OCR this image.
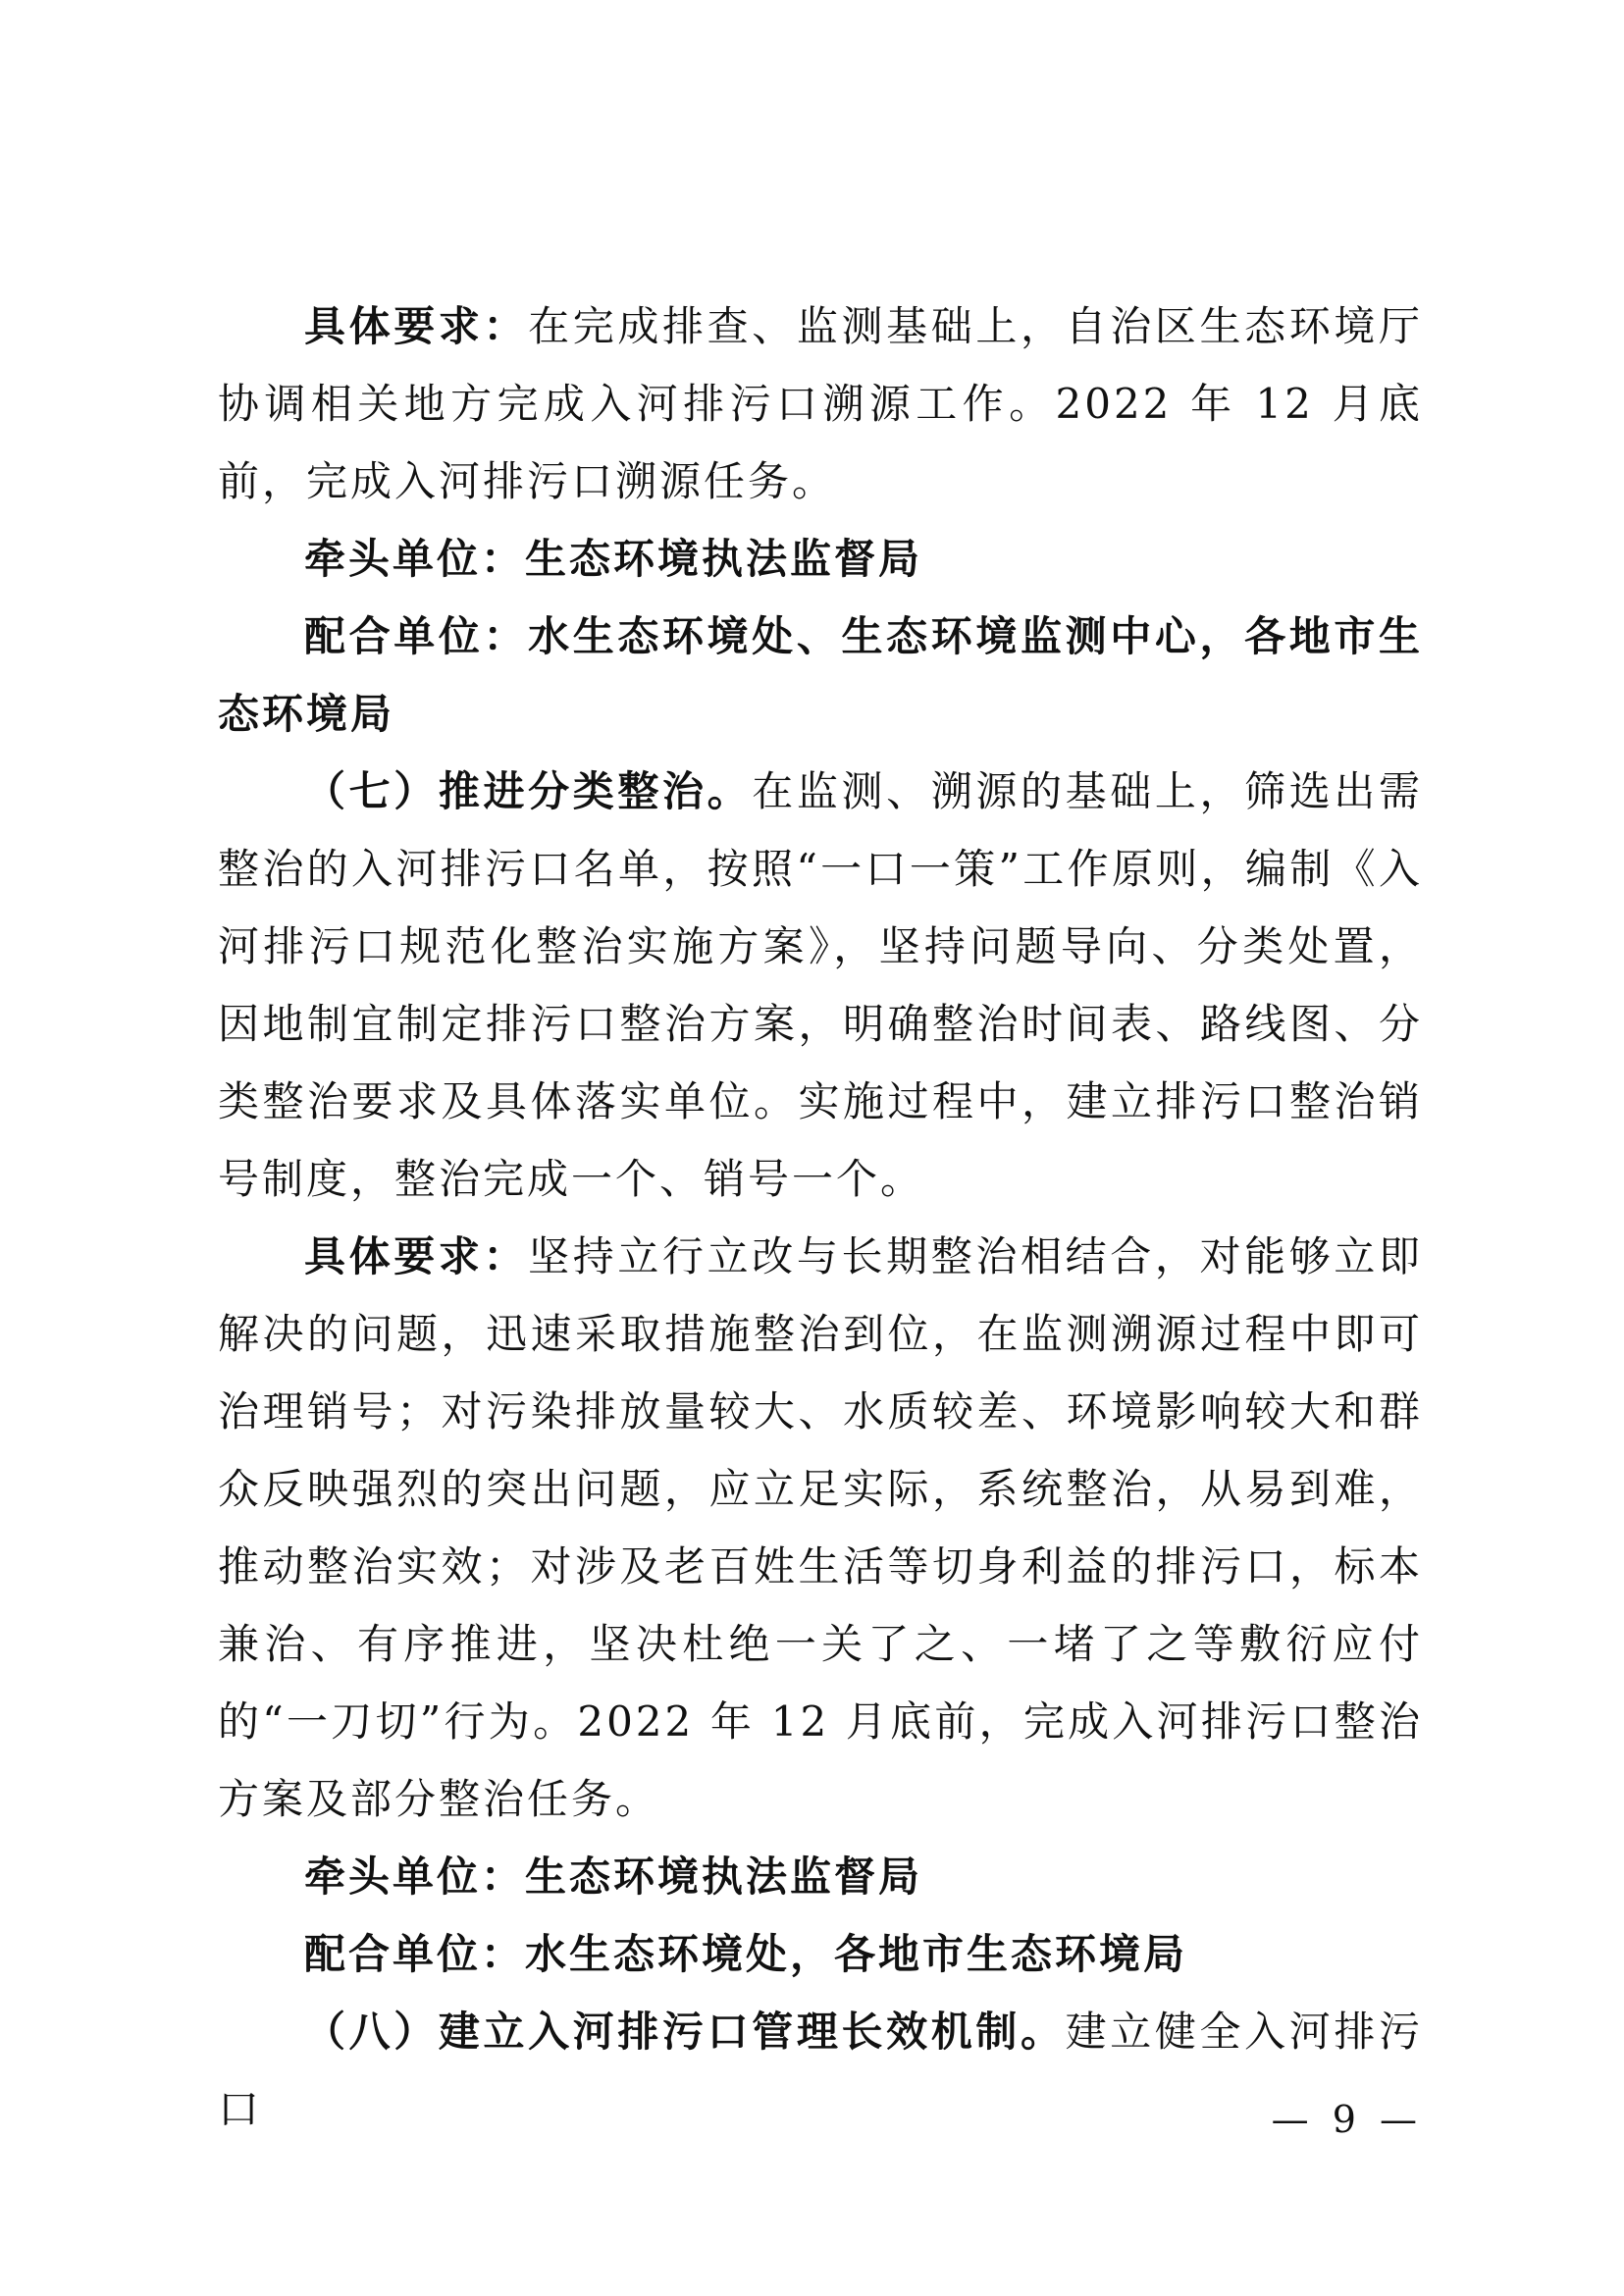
具体要求：在完成排查、监测基础上，自治区生态环境厅协调相关地方完成入河排污口溯源工作。2022 年 12 月底前，完成入河排污口溯源任务。

牵头单位：生态环境执法监督局

配合单位：水生态环境处、生态环境监测中心，各地市生态环境局

（七）推进分类整治。在监测、溯源的基础上，筛选出需整治的入河排污口名单，按照“一口一策”工作原则，编制《入河排污口规范化整治实施方案》，坚持问题导向、分类处置，因地制宜制定排污口整治方案，明确整治时间表、路线图、分类整治要求及具体落实单位。实施过程中，建立排污口整治销号制度，整治完成一个、销号一个。

具体要求：坚持立行立改与长期整治相结合，对能够立即解决的问题，迅速采取措施整治到位，在监测溯源过程中即可治理销号；对污染排放量较大、水质较差、环境影响较大和群众反映强烈的突出问题，应立足实际，系统整治，从易到难，推动整治实效；对涉及老百姓生活等切身利益的排污口，标本兼治、有序推进，坚决杜绝一关了之、一堵了之等敷衍应付的“一刀切”行为。2022 年 12 月底前，完成入河排污口整治方案及部分整治任务。

牵头单位：生态环境执法监督局

配合单位：水生态环境处，各地市生态环境局

（八）建立入河排污口管理长效机制。建立健全入河排污口	— 9 —
